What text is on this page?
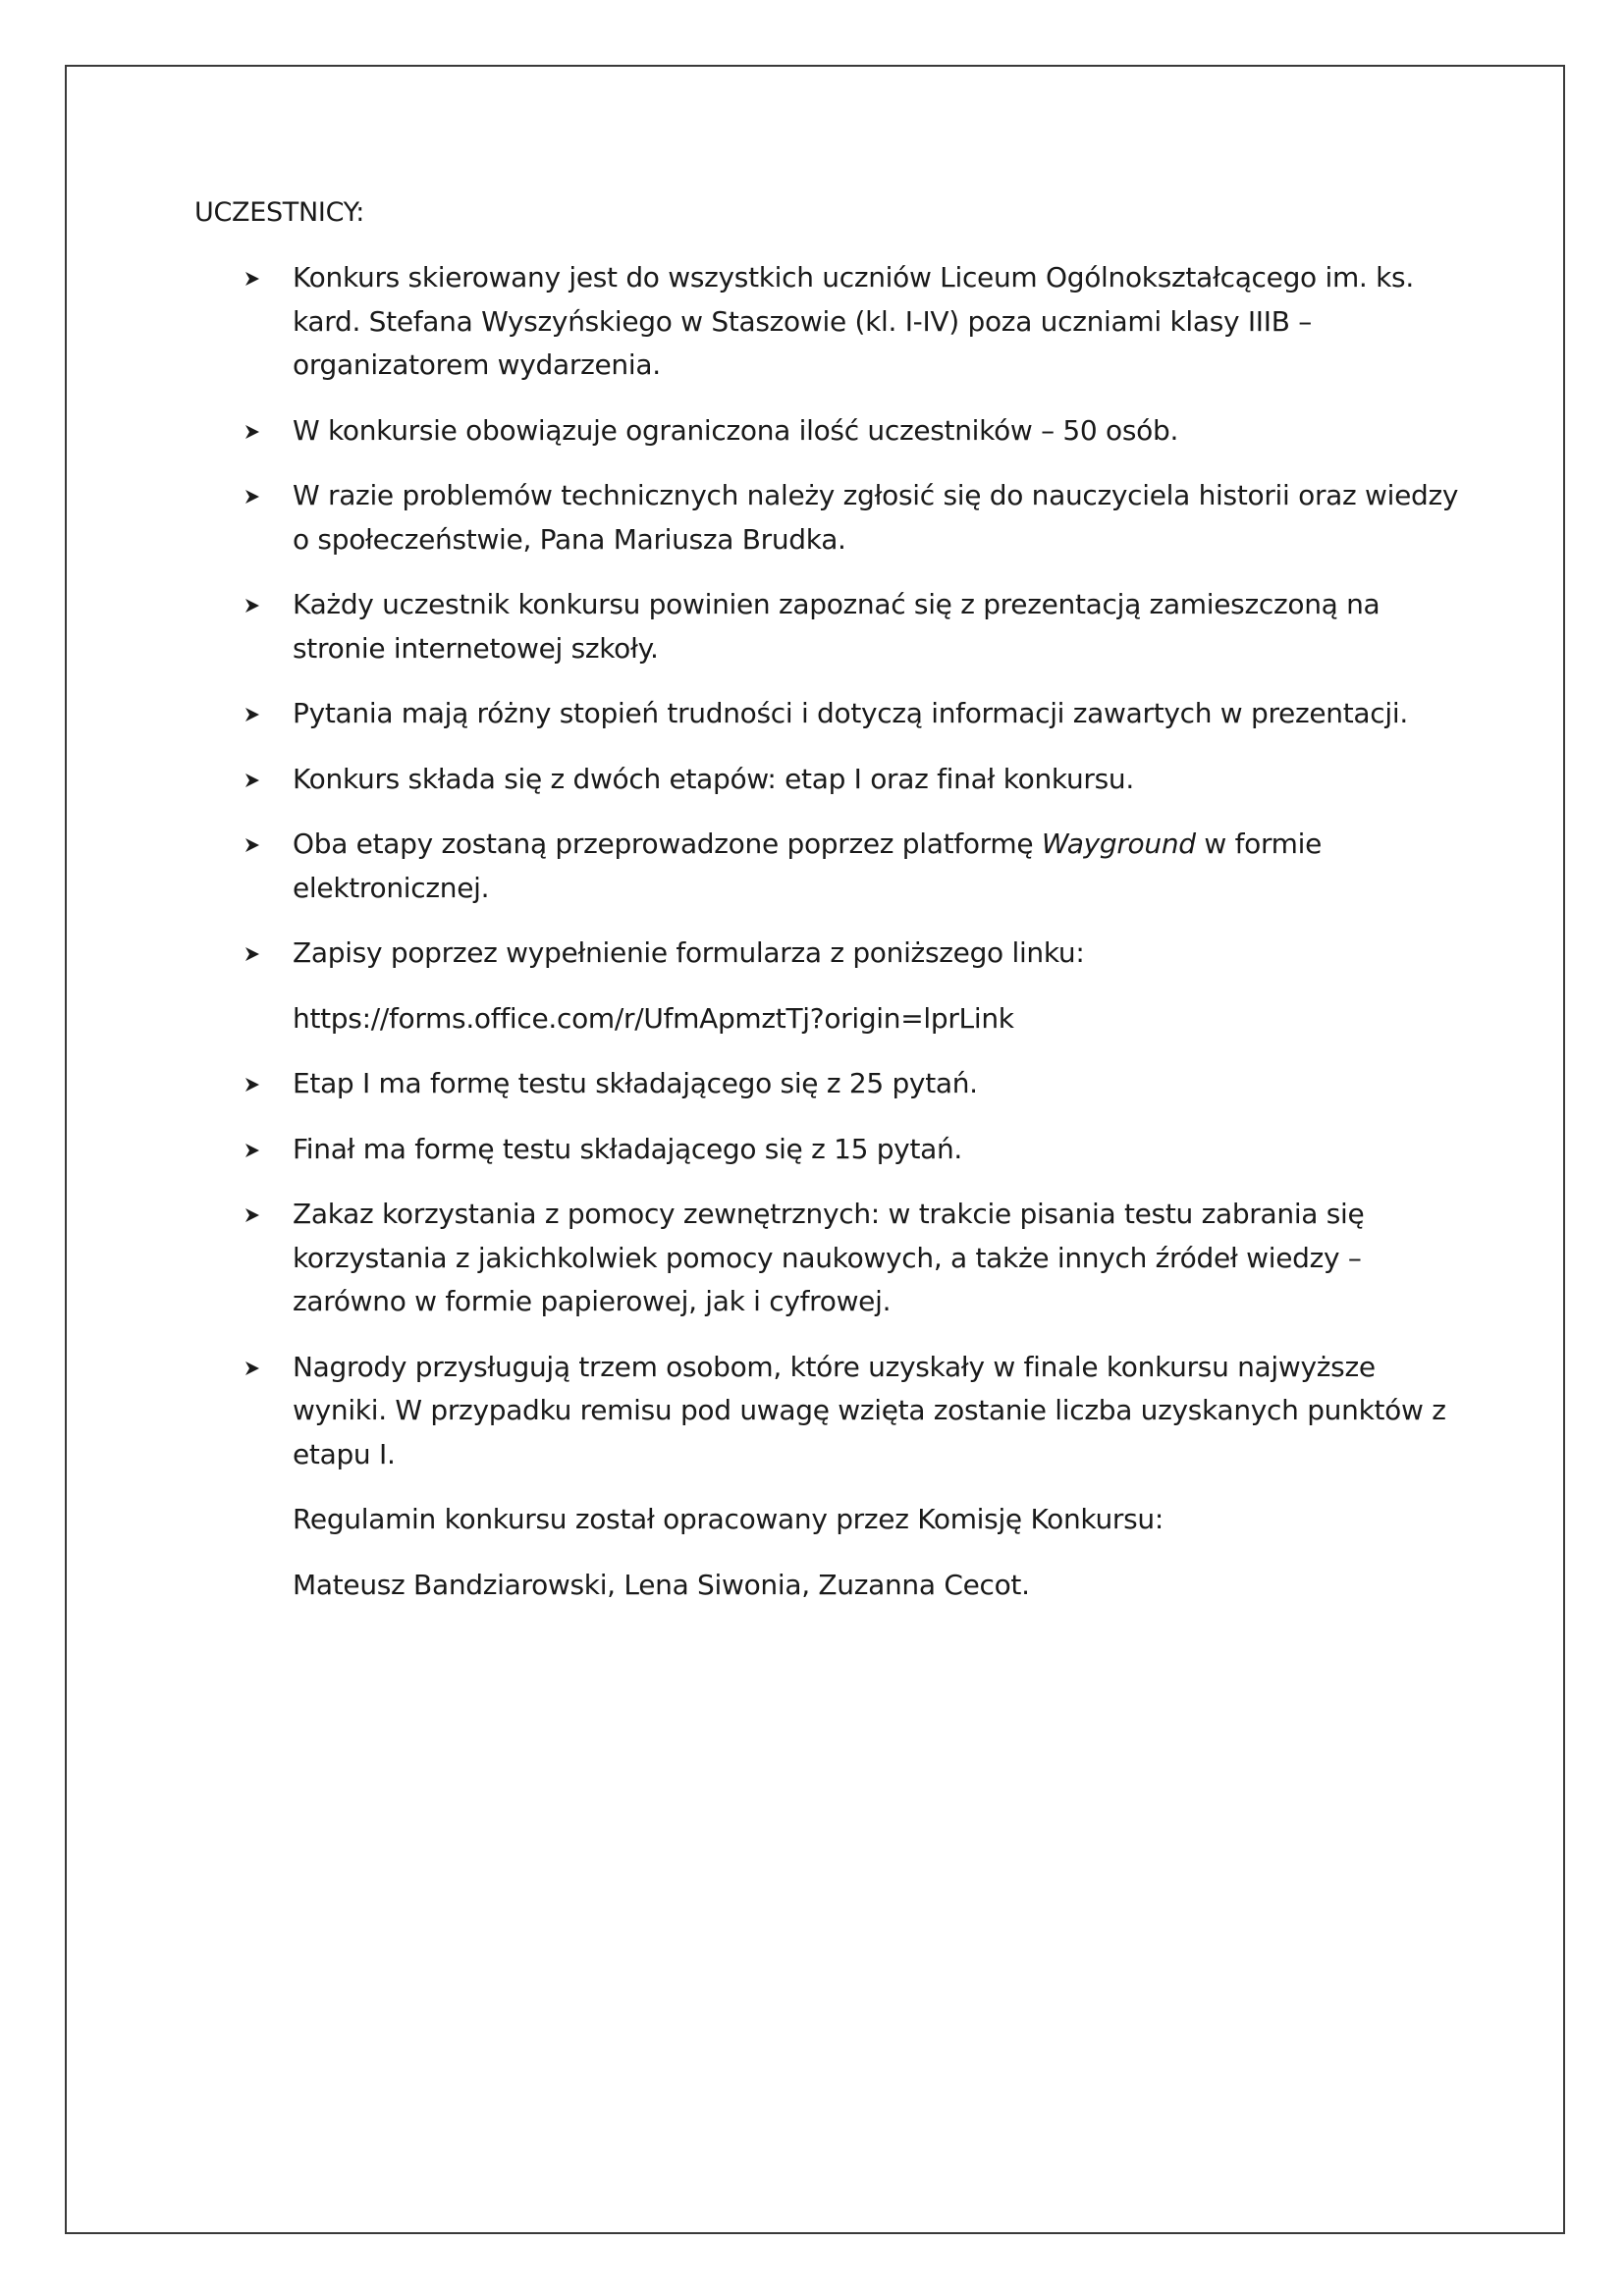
UCZESTNICY:
Konkurs skierowany jest do wszystkich uczniów Liceum Ogólnokształcącego im. ks. kard. Stefana Wyszyńskiego w Staszowie (kl. I-IV) poza uczniami klasy IIIB – organizatorem wydarzenia.
W konkursie obowiązuje ograniczona ilość uczestników – 50 osób.
W razie problemów technicznych należy zgłosić się do nauczyciela historii oraz wiedzy o społeczeństwie, Pana Mariusza Brudka.
Każdy uczestnik konkursu powinien zapoznać się z prezentacją zamieszczoną na stronie internetowej szkoły.
Pytania mają różny stopień trudności i dotyczą informacji zawartych w prezentacji.
Konkurs składa się z dwóch etapów: etap I oraz finał konkursu.
Oba etapy zostaną przeprowadzone poprzez platformę Wayground w formie elektronicznej.
Zapisy poprzez wypełnienie formularza z poniższego linku:
https://forms.office.com/r/UfmApmztTj?origin=lprLink
Etap I ma formę testu składającego się z 25 pytań.
Finał ma formę testu składającego się z 15 pytań.
Zakaz korzystania z pomocy zewnętrznych: w trakcie pisania testu zabrania się korzystania z jakichkolwiek pomocy naukowych, a także innych źródeł wiedzy – zarówno w formie papierowej, jak i cyfrowej.
Nagrody przysługują trzem osobom, które uzyskały w finale konkursu najwyższe wyniki. W przypadku remisu pod uwagę wzięta zostanie liczba uzyskanych punktów z etapu I.
Regulamin konkursu został opracowany przez Komisję Konkursu:
Mateusz Bandziarowski, Lena Siwonia, Zuzanna Cecot.
